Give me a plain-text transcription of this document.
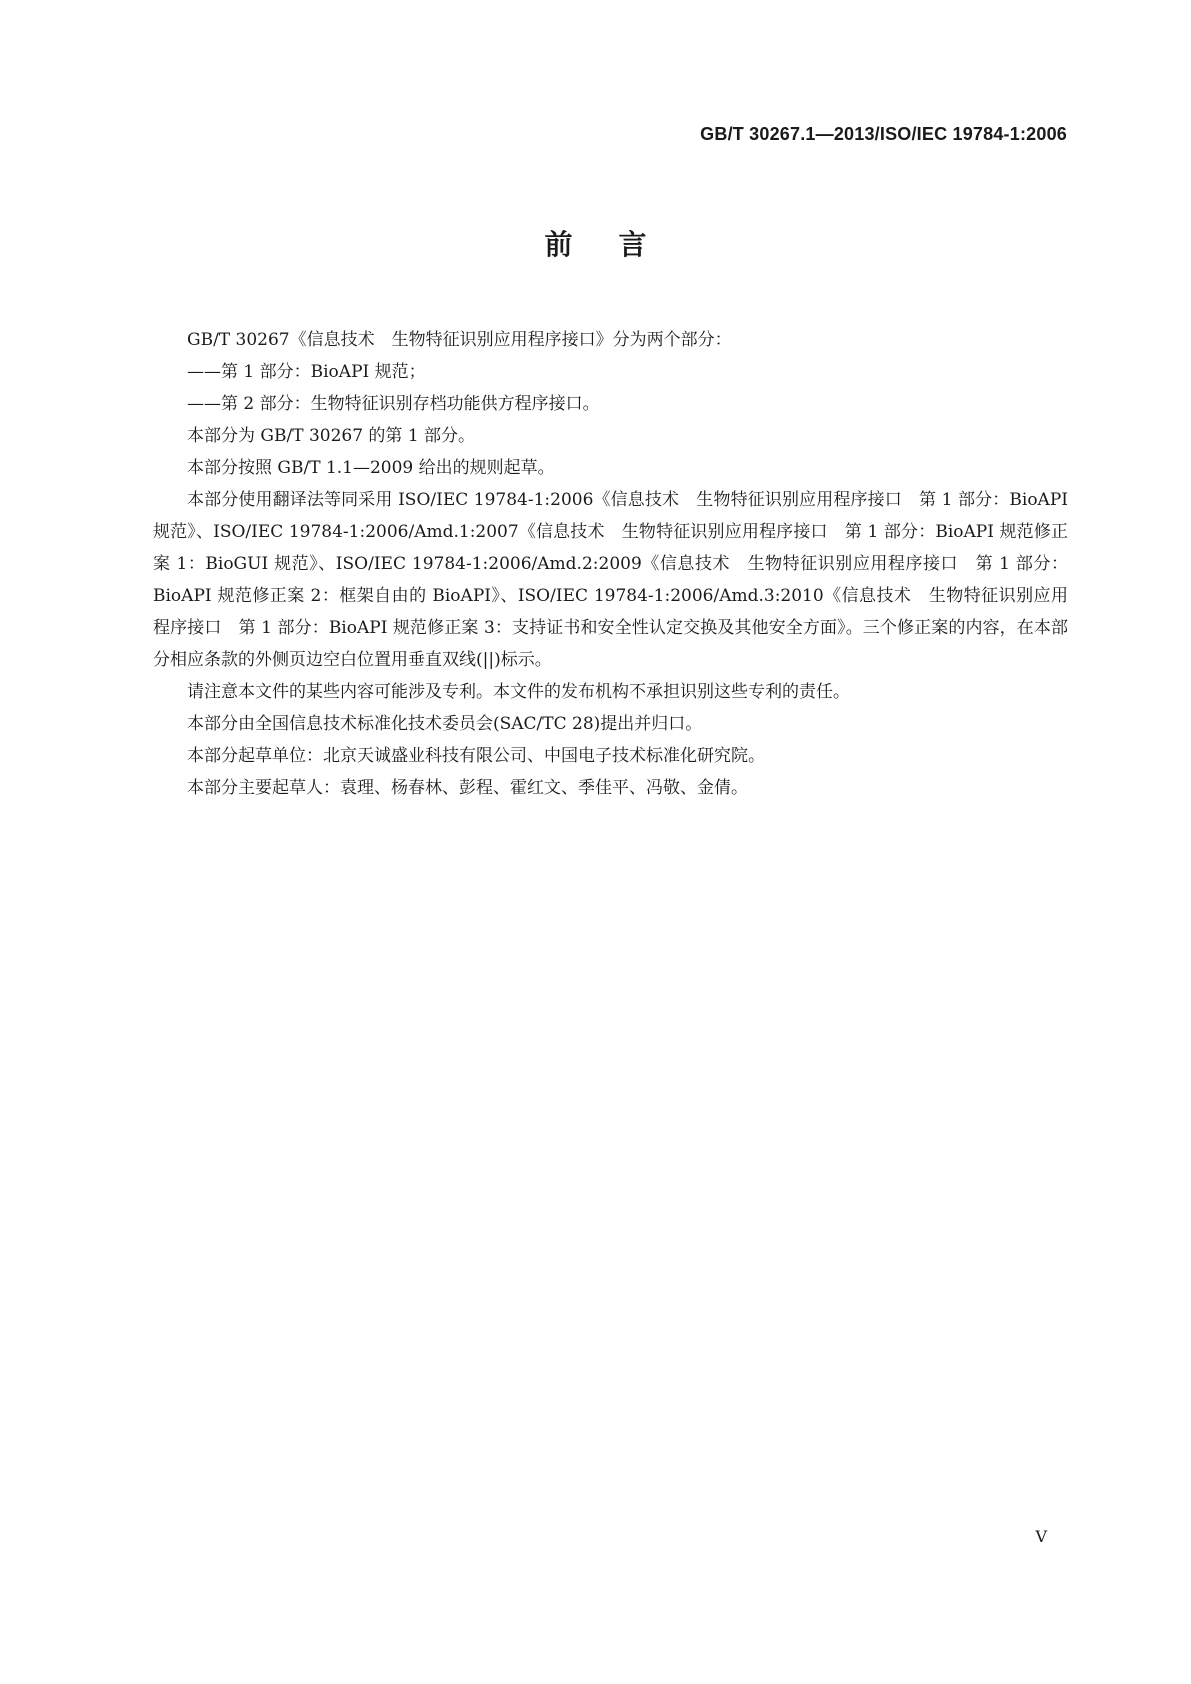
GB/T 30267.1—2013/ISO/IEC 19784-1:2006
前言

GB/T 30267《信息技术　生物特征识别应用程序接口》分为两个部分：

——第 1 部分：BioAPI 规范；

——第 2 部分：生物特征识别存档功能供方程序接口。

本部分为 GB/T 30267 的第 1 部分。

本部分按照 GB/T 1.1—2009 给出的规则起草。

本部分使用翻译法等同采用 ISO/IEC 19784-1:2006《信息技术　生物特征识别应用程序接口　第 1 部分：BioAPI 规范》、ISO/IEC 19784-1:2006/Amd.1:2007《信息技术　生物特征识别应用程序接口　第 1 部分：BioAPI 规范修正案 1：BioGUI 规范》、ISO/IEC 19784-1:2006/Amd.2:2009《信息技术　生物特征识别应用程序接口　第 1 部分：BioAPI 规范修正案 2：框架自由的 BioAPI》、ISO/IEC 19784-1:2006/Amd.3:2010《信息技术　生物特征识别应用程序接口　第 1 部分：BioAPI 规范修正案 3：支持证书和安全性认定交换及其他安全方面》。三个修正案的内容，在本部分相应条款的外侧页边空白位置用垂直双线(||)标示。

请注意本文件的某些内容可能涉及专利。本文件的发布机构不承担识别这些专利的责任。

本部分由全国信息技术标准化技术委员会(SAC/TC 28)提出并归口。

本部分起草单位：北京天诚盛业科技有限公司、中国电子技术标准化研究院。

本部分主要起草人：袁理、杨春林、彭程、霍红文、季佳平、冯敬、金倩。

V
